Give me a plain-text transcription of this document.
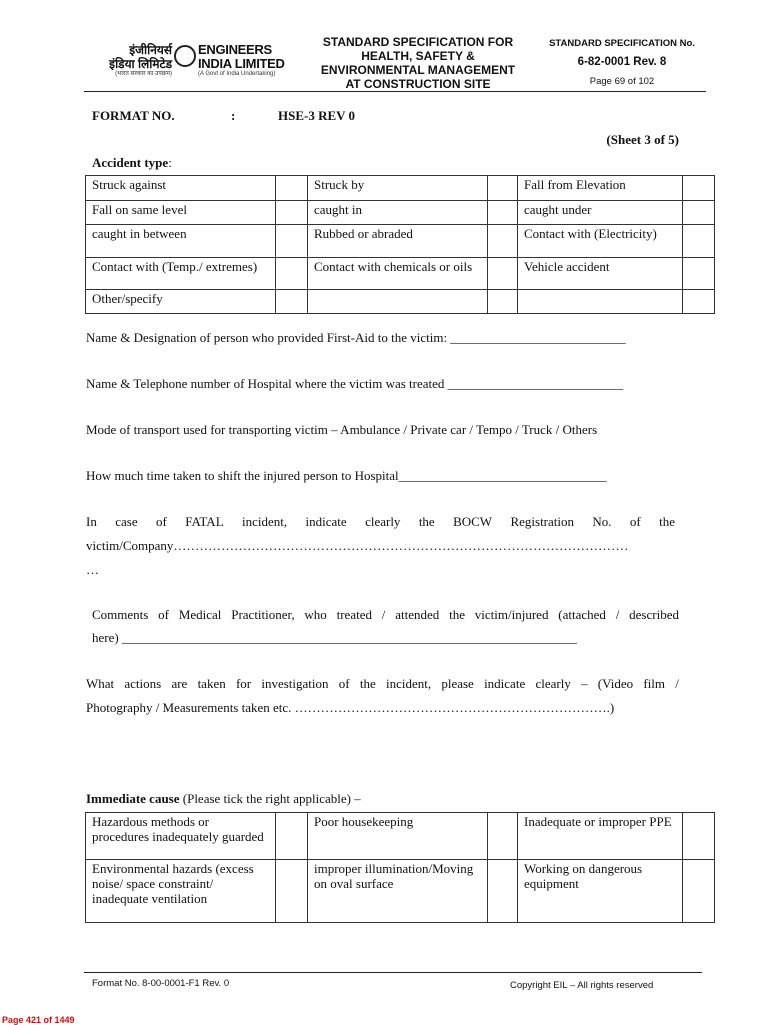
इंजीनियर्स
इंडिया लिमिटेड
(भारत सरकार का उपक्रम)
ENGINEERS
INDIA LIMITED
(A Govt of India Undertaking)
STANDARD SPECIFICATION FOR
HEALTH, SAFETY &
ENVIRONMENTAL MANAGEMENT
AT CONSTRUCTION SITE
STANDARD SPECIFICATION No.
6-82-0001 Rev. 8
Page 69 of 102
FORMAT NO.	:	HSE-3 REV 0
(Sheet 3 of 5)
Accident type:
Struck against		Struck by		Fall from Elevation	
Fall on same level		caught in		caught under	
caught in between		Rubbed or abraded		Contact with (Electricity)	
Contact with (Temp./ extremes)		Contact with chemicals or oils		Vehicle accident	
Other/specify					
Name & Designation of person who provided First-Aid to the victim: ___________________________
Name & Telephone number of Hospital where the victim was treated ___________________________
Mode of transport used for transporting victim – Ambulance / Private car / Tempo / Truck / Others
How much time taken to shift the injured person to Hospital________________________________
In case of FATAL incident, indicate clearly the BOCW Registration No. of the
victim/Company……………………………………………………………………………………………
…
Comments of Medical Practitioner, who treated / attended the victim/injured (attached / described
here) ______________________________________________________________________
What actions are taken for investigation of the incident, please indicate clearly – (Video film /
Photography / Measurements taken etc. ……………………………………………………………….)
Immediate cause (Please tick the right applicable) –
Hazardous methods or procedures inadequately guarded		Poor housekeeping		Inadequate or improper PPE	
Environmental hazards (excess noise/ space constraint/ inadequate ventilation		improper illumination/Moving on oval surface		Working on dangerous equipment	
Format No. 8-00-0001-F1 Rev. 0	Copyright EIL – All rights reserved
Page 421 of 1449
